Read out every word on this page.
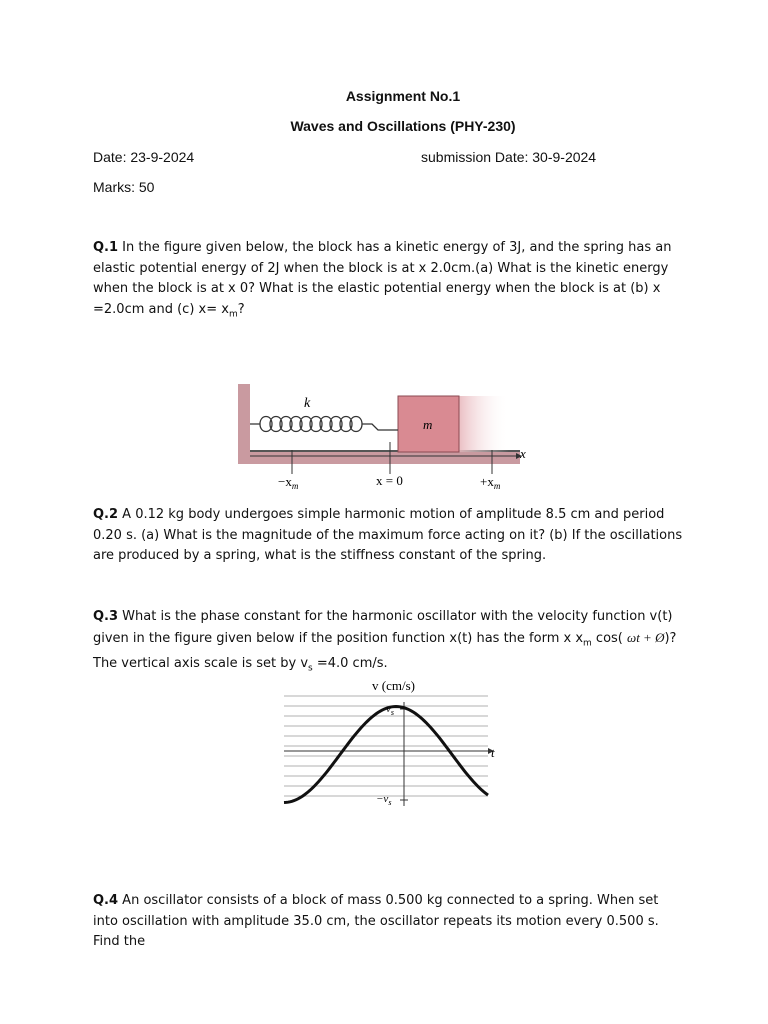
Assignment No.1
Waves and Oscillations (PHY-230)
Date: 23-9-2024	submission Date: 30-9-2024
Marks: 50
Q.1 In the figure given below, the block has a kinetic energy of 3J, and the spring has an elastic potential energy of 2J when the block is at x 2.0cm.(a) What is the kinetic energy when the block is at x 0? What is the elastic potential energy when the block is at (b) x =2.0cm and (c) $x= x_m$?
k
m
x
$-x_m$	x = 0	$+x_m$
Q.2 A 0.12 kg body undergoes simple harmonic motion of amplitude 8.5 cm and period 0.20 s. (a) What is the magnitude of the maximum force acting on it? (b) If the oscillations are produced by a spring, what is the stiffness constant of the spring.
Q.3 What is the phase constant for the harmonic oscillator with the velocity function v(t) given in the figure given below if the position function x(t) has the form x $x_m$ cos( ωt + Ø)? The vertical axis scale is set by $v_s =4.0$ cm/s.
v (cm/s)
t
$v_s$
$-v_s$
Q.4 An oscillator consists of a block of mass 0.500 kg connected to a spring. When set into oscillation with amplitude 35.0 cm, the oscillator repeats its motion every 0.500 s. Find the
